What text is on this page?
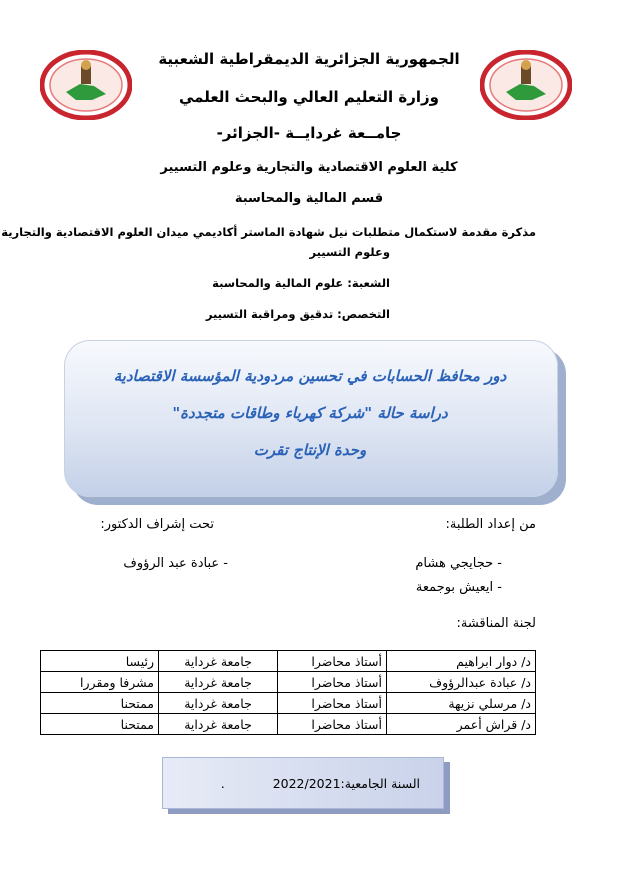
الجمهورية الجزائرية الديمقراطية الشعبية
وزارة التعليم العالي والبحث العلمي
جامــعة غردايــة -الجزائر-
كلية العلوم الاقتصادية والتجارية وعلوم التسيير
قسم المالية والمحاسبة
مذكرة مقدمة لاستكمال متطلبات نيل شهادة الماستر أكاديمي ميدان العلوم الاقتصادية والتجارية
وعلوم التسيير
الشعبة: علوم المالية والمحاسبة
التخصص: تدقيق ومراقبة التسيير
دور محافظ الحسابات في تحسين مردودية المؤسسة الاقتصادية
دراسة حالة "شركة كهرباء وطاقات متجددة"
وحدة الإنتاج تقرت
من إعداد الطلبة:
تحت إشراف الدكتور:
- حجايجي هشام
- ايعيش بوجمعة
- عبادة عبد الرؤوف
لجنة المناقشة:
د/ دوار ابراهيم	أستاذ محاضرا	جامعة غرداية	رئيسا
د/ عبادة عبدالرؤوف	أستاذ محاضرا	جامعة غرداية	مشرفا ومقررا
د/ مرسلي نزيهة	أستاذ محاضرا	جامعة غرداية	ممتحنا
د/ قراش أعمر	أستاذ محاضرا	جامعة غرداية	ممتحنا
السنة الجامعية:2022/2021  .
